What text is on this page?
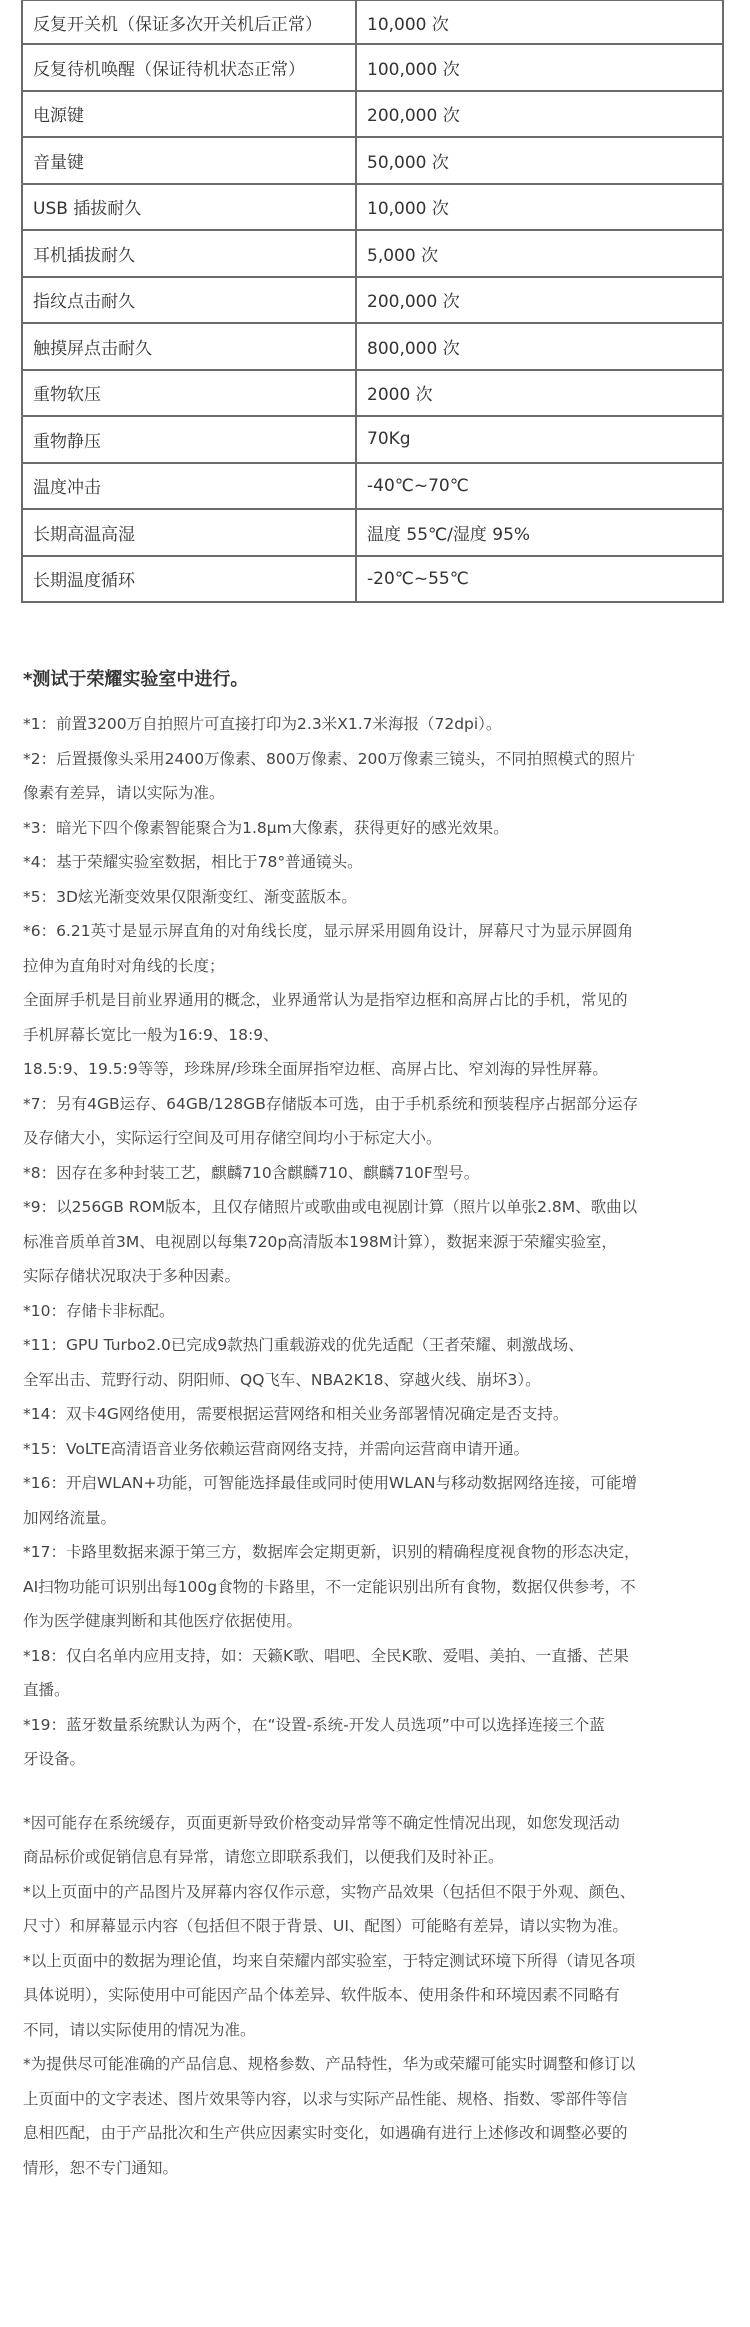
反复开关机（保证多次开关机后正常）	10,000 次
反复待机唤醒（保证待机状态正常）	100,000 次
电源键	200,000 次
音量键	50,000 次
USB 插拔耐久	10,000 次
耳机插拔耐久	5,000 次
指纹点击耐久	200,000 次
触摸屏点击耐久	800,000 次
重物软压	2000 次
重物静压	70Kg
温度冲击	-40℃~70℃
长期高温高湿	温度 55℃/湿度 95%
长期温度循环	-20℃~55℃

*测试于荣耀实验室中进行。

*1：前置3200万自拍照片可直接打印为2.3米X1.7米海报（72dpi）。

*2：后置摄像头采用2400万像素、800万像素、200万像素三镜头，不同拍照模式的照片

像素有差异，请以实际为准。

*3：暗光下四个像素智能聚合为1.8μm大像素，获得更好的感光效果。

*4：基于荣耀实验室数据，相比于78°普通镜头。

*5：3D炫光渐变效果仅限渐变红、渐变蓝版本。

*6：6.21英寸是显示屏直角的对角线长度，显示屏采用圆角设计，屏幕尺寸为显示屏圆角

拉伸为直角时对角线的长度；

全面屏手机是目前业界通用的概念，业界通常认为是指窄边框和高屏占比的手机，常见的

手机屏幕长宽比一般为16:9、18:9、

18.5:9、19.5:9等等，珍珠屏/珍珠全面屏指窄边框、高屏占比、窄刘海的异性屏幕。

*7：另有4GB运存、64GB/128GB存储版本可选，由于手机系统和预装程序占据部分运存

及存储大小，实际运行空间及可用存储空间均小于标定大小。

*8：因存在多种封装工艺，麒麟710含麒麟710、麒麟710F型号。

*9：以256GB ROM版本，且仅存储照片或歌曲或电视剧计算（照片以单张2.8M、歌曲以

标准音质单首3M、电视剧以每集720p高清版本198M计算），数据来源于荣耀实验室，

实际存储状况取决于多种因素。

*10：存储卡非标配。

*11：GPU Turbo2.0已完成9款热门重载游戏的优先适配（王者荣耀、刺激战场、

全军出击、荒野行动、阴阳师、QQ飞车、NBA2K18、穿越火线、崩坏3）。

*14：双卡4G网络使用，需要根据运营网络和相关业务部署情况确定是否支持。

*15：VoLTE高清语音业务依赖运营商网络支持，并需向运营商申请开通。

*16：开启WLAN+功能，可智能选择最佳或同时使用WLAN与移动数据网络连接，可能增

加网络流量。

*17：卡路里数据来源于第三方，数据库会定期更新，识别的精确程度视食物的形态决定，

AI扫物功能可识别出每100g食物的卡路里，不一定能识别出所有食物，数据仅供参考，不

作为医学健康判断和其他医疗依据使用。

*18：仅白名单内应用支持，如：天籁K歌、唱吧、全民K歌、爱唱、美拍、一直播、芒果

直播。

*19：蓝牙数量系统默认为两个，在“设置-系统-开发人员选项”中可以选择连接三个蓝

牙设备。

*因可能存在系统缓存，页面更新导致价格变动异常等不确定性情况出现，如您发现活动

商品标价或促销信息有异常，请您立即联系我们，以便我们及时补正。

*以上页面中的产品图片及屏幕内容仅作示意，实物产品效果（包括但不限于外观、颜色、

尺寸）和屏幕显示内容（包括但不限于背景、UI、配图）可能略有差异，请以实物为准。

*以上页面中的数据为理论值，均来自荣耀内部实验室，于特定测试环境下所得（请见各项

具体说明），实际使用中可能因产品个体差异、软件版本、使用条件和环境因素不同略有

不同，请以实际使用的情况为准。

*为提供尽可能准确的产品信息、规格参数、产品特性，华为或荣耀可能实时调整和修订以

上页面中的文字表述、图片效果等内容，以求与实际产品性能、规格、指数、零部件等信

息相匹配，由于产品批次和生产供应因素实时变化，如遇确有进行上述修改和调整必要的

情形，恕不专门通知。
